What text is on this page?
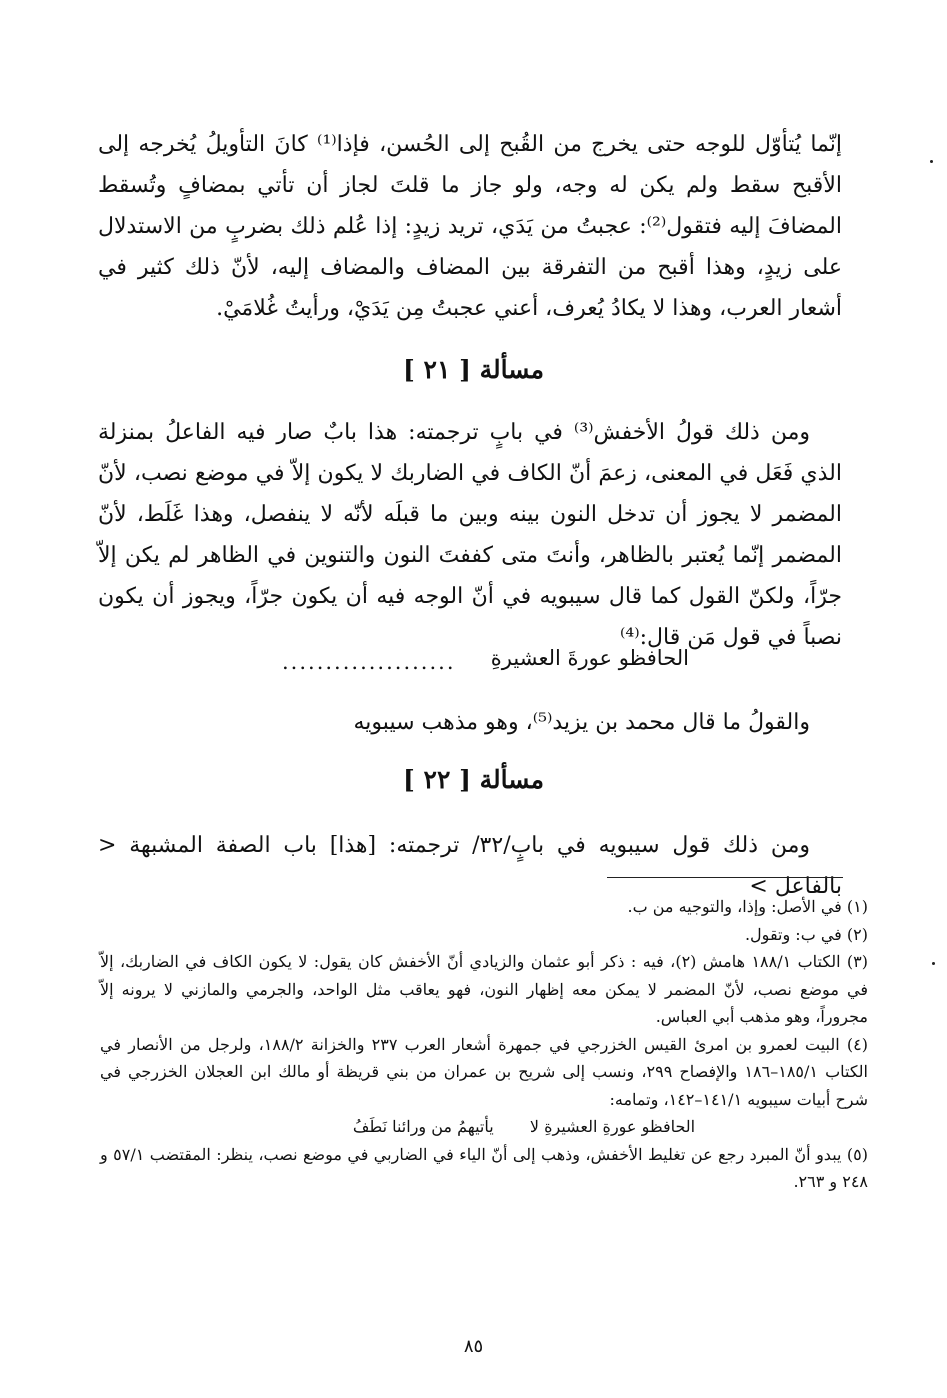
إنّما يُتأوّل للوجه حتى يخرج من القُبح إلى الحُسن، فإذا⁽¹⁾ كانَ التأويلُ يُخرجه إلى الأقبح سقط ولم يكن له وجه، ولو جاز ما قلتَ لجاز أن تأتي بمضافٍ وتُسقط المضافَ إليه فتقول⁽²⁾: عجبتُ من يَدَي، تريد زيدٍ: إذا عُلم ذلك بضربٍ من الاستدلال على زيدٍ، وهذا أقبح من التفرقة بين المضاف والمضاف إليه، لأنّ ذلك كثير في أشعار العرب، وهذا لا يكادُ يُعرف، أعني عجبتُ مِن يَدَيْ، ورأيتُ غُلامَيْ.

مسألة [ ٢١ ]

ومن ذلك قولُ الأخفش⁽³⁾ في بابٍ ترجمته: هذا بابٌ صار فيه الفاعلُ بمنزلة الذي فَعَل في المعنى، زعمَ أنّ الكاف في الضاربك لا يكون إلاّ في موضع نصب، لأنّ المضمر لا يجوز أن تدخل النون بينه وبين ما قبلَه لأنّه لا ينفصل، وهذا غَلَط، لأنّ المضمر إنّما يُعتبر بالظاهر، وأنتَ متى كففتَ النون والتنوين في الظاهر لم يكن إلاّ جرّاً، ولكنّ القول كما قال سيبويه في أنّ الوجه فيه أن يكون جرّاً، ويجوز أن يكون نصباً في قول مَن قال:⁽⁴⁾

الحافظو عورةَ العشيرةِ
....................

والقولُ ما قال محمد بن يزيد⁽⁵⁾، وهو مذهب سيبويه

مسألة [ ٢٢ ]

ومن ذلك قول سيبويه في بابٍ/٣٢/ ترجمته: [هذا] باب الصفة المشبهة < بالفاعل >

(١) في الأصل: وإذا، والتوجيه من ب.

(٢) في ب: وتقول.

(٣) الكتاب ١٨٨/١ هامش (٢)، فيه : ذكر أبو عثمان والزيادي أنّ الأخفش كان يقول: لا يكون الكاف في الضاربك، إلاّ في موضع نصب، لأنّ المضمر لا يمكن معه إظهار النون، فهو يعاقب مثل الواحد، والجرمي والمازني لا يرونه إلاّ مجروراً، وهو مذهب أبي العباس.

(٤) البيت لعمرو بن امرئ القيس الخزرجي في جمهرة أشعار العرب ٢٣٧ والخزانة ١٨٨/٢، ولرجل من الأنصار في الكتاب ١٨٥/١–١٨٦ والإفصاح ٢٩٩، ونسب إلى شريح بن عمران من بني قريظة أو مالك ابن العجلان الخزرجي في شرح أبيات سيبويه ١٤١/١–١٤٢، وتمامه:

الحافظو عورةِ العشيرةِ لا  يأتيهمُ من ورائنا نَطَفُ

(٥) يبدو أنّ المبرد رجع عن تغليط الأخفش، وذهب إلى أنّ الياء في الضاربي في موضع نصب، ينظر: المقتضب ٥٧/١ و ٢٤٨ و ٢٦٣.

٨٥
